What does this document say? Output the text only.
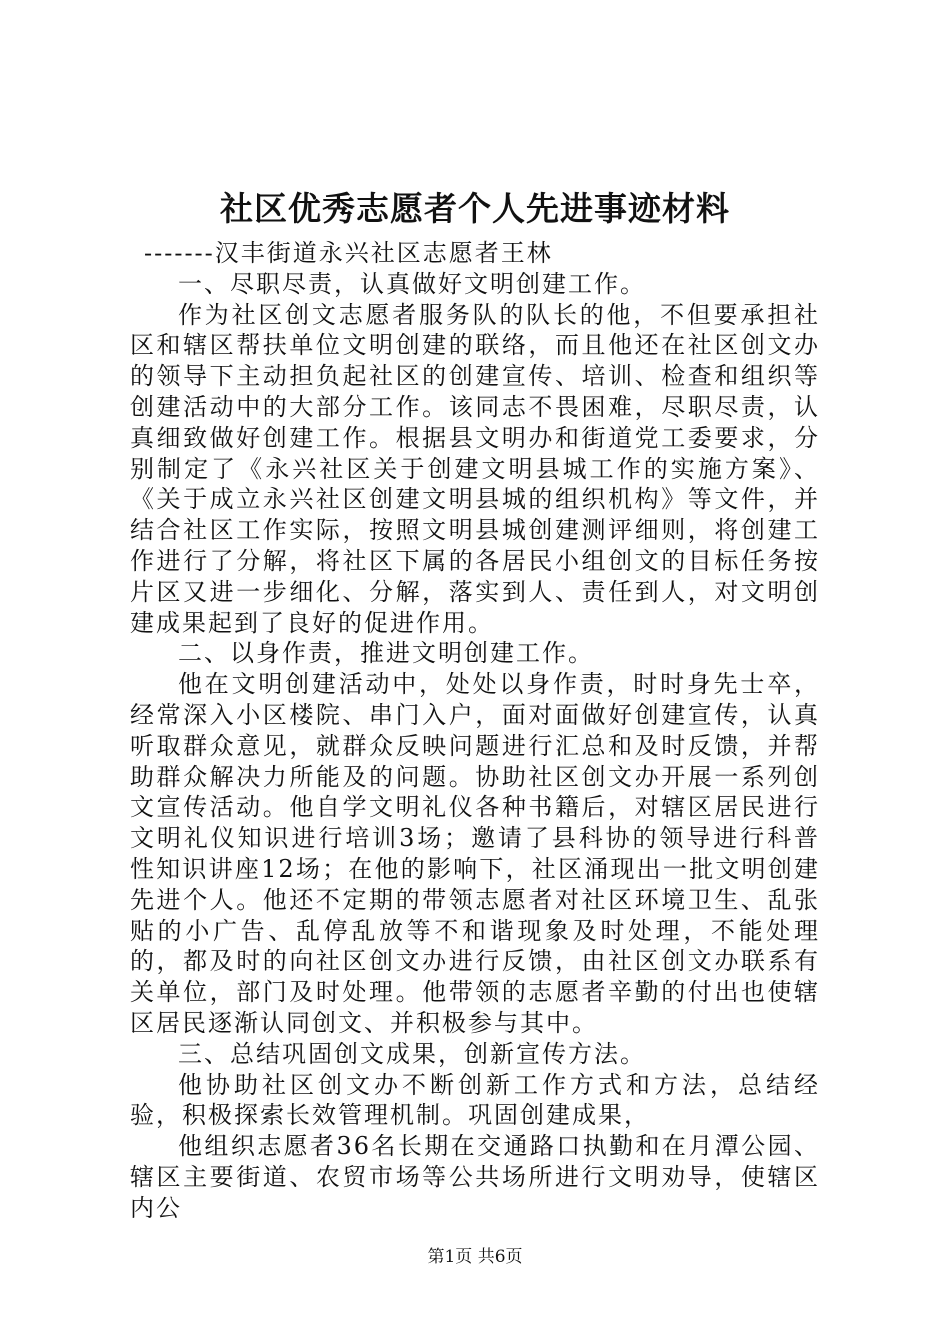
社区优秀志愿者个人先进事迹材料

-------汉丰街道永兴社区志愿者王林

一、尽职尽责，认真做好文明创建工作。

作为社区创文志愿者服务队的队长的他，不但要承担社区和辖区帮扶单位文明创建的联络，而且他还在社区创文办的领导下主动担负起社区的创建宣传、培训、检查和组织等创建活动中的大部分工作。该同志不畏困难，尽职尽责，认真细致做好创建工作。根据县文明办和街道党工委要求，分别制定了《永兴社区关于创建文明县城工作的实施方案》、《关于成立永兴社区创建文明县城的组织机构》等文件，并结合社区工作实际，按照文明县城创建测评细则，将创建工作进行了分解，将社区下属的各居民小组创文的目标任务按片区又进一步细化、分解，落实到人、责任到人，对文明创建成果起到了良好的促进作用。

二、以身作责，推进文明创建工作。

他在文明创建活动中，处处以身作责，时时身先士卒，经常深入小区楼院、串门入户，面对面做好创建宣传，认真听取群众意见，就群众反映问题进行汇总和及时反馈，并帮助群众解决力所能及的问题。协助社区创文办开展一系列创文宣传活动。他自学文明礼仪各种书籍后，对辖区居民进行文明礼仪知识进行培训3场；邀请了县科协的领导进行科普性知识讲座12场；在他的影响下，社区涌现出一批文明创建先进个人。他还不定期的带领志愿者对社区环境卫生、乱张贴的小广告、乱停乱放等不和谐现象及时处理，不能处理的，都及时的向社区创文办进行反馈，由社区创文办联系有关单位，部门及时处理。他带领的志愿者辛勤的付出也使辖区居民逐渐认同创文、并积极参与其中。

三、总结巩固创文成果，创新宣传方法。

他协助社区创文办不断创新工作方式和方法，总结经验，积极探索长效管理机制。巩固创建成果，

他组织志愿者36名长期在交通路口执勤和在月潭公园、辖区主要街道、农贸市场等公共场所进行文明劝导，使辖区内公

第1页 共6页
